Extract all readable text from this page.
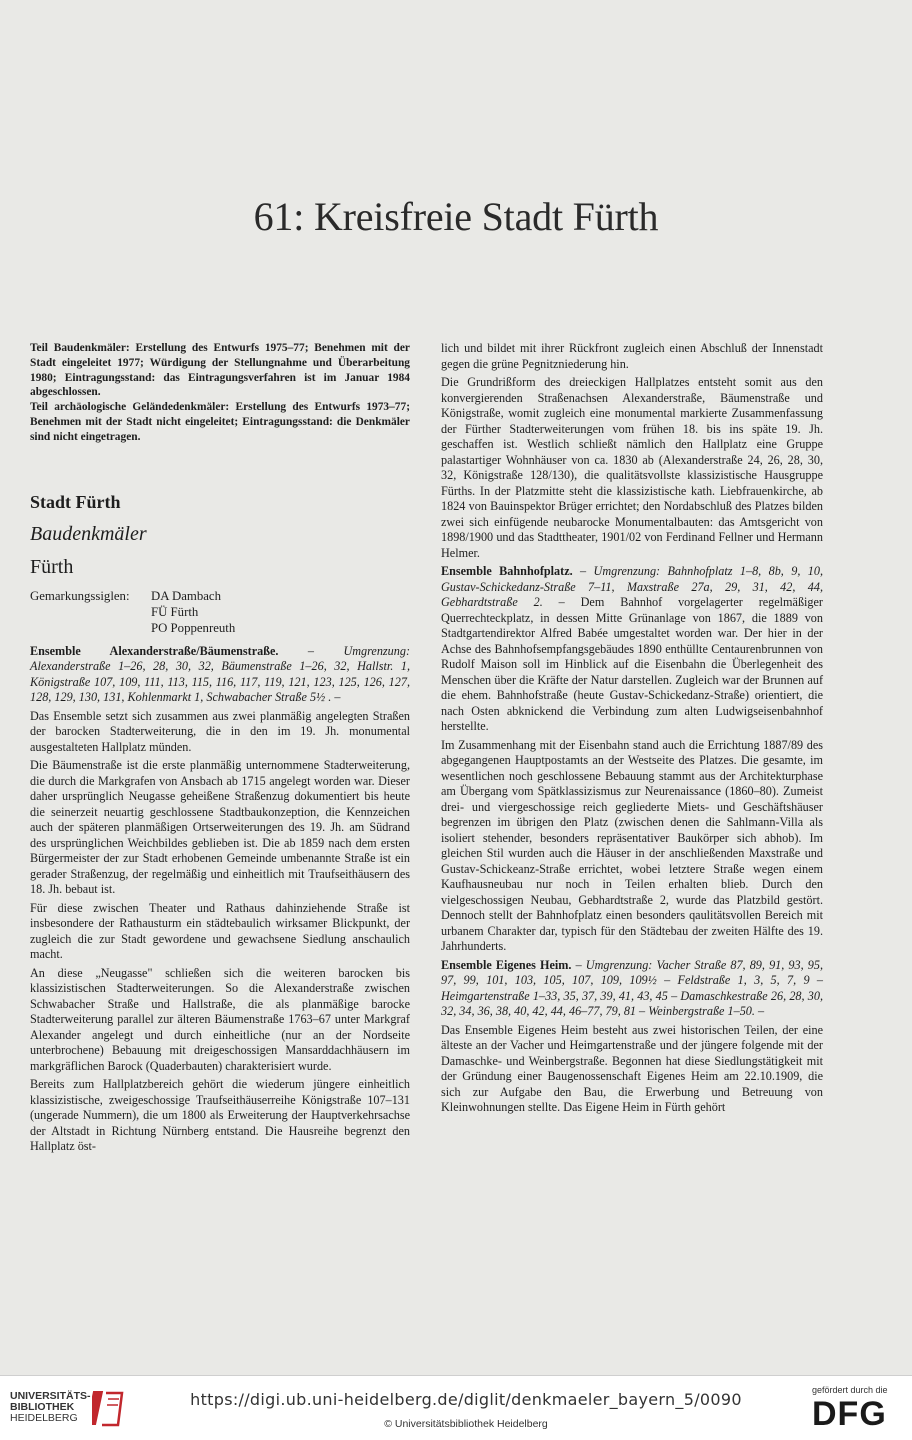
61: Kreisfreie Stadt Fürth

Teil Baudenkmäler: Erstellung des Entwurfs 1975–77; Benehmen mit der Stadt eingeleitet 1977; Würdigung der Stellungnahme und Überarbeitung 1980; Eintragungsstand: das Eintragungsverfahren ist im Januar 1984 abgeschlossen.

Teil archäologische Geländedenkmäler: Erstellung des Entwurfs 1973–77; Benehmen mit der Stadt nicht eingeleitet; Eintragungsstand: die Denkmäler sind nicht eingetragen.

Stadt Fürth
Baudenkmäler
Fürth
Gemarkungssiglen:	DA Dambach
FÜ Fürth
PO Poppenreuth

Ensemble Alexanderstraße/Bäumenstraße. – Umgrenzung: Alexanderstraße 1–26, 28, 30, 32, Bäumenstraße 1–26, 32, Hallstr. 1, Königstraße 107, 109, 111, 113, 115, 116, 117, 119, 121, 123, 125, 126, 127, 128, 129, 130, 131, Kohlenmarkt 1, Schwabacher Straße 5½ . –

Das Ensemble setzt sich zusammen aus zwei planmäßig angelegten Straßen der barocken Stadterweiterung, die in den im 19. Jh. monumental ausgestalteten Hallplatz münden.

Die Bäumenstraße ist die erste planmäßig unternommene Stadterweiterung, die durch die Markgrafen von Ansbach ab 1715 angelegt worden war. Dieser daher ursprünglich Neugasse geheißene Straßenzug dokumentiert bis heute die seinerzeit neuartig geschlossene Stadtbaukonzeption, die Kennzeichen auch der späteren planmäßigen Ortserweiterungen des 19. Jh. am Südrand des ursprünglichen Weichbildes geblieben ist. Die ab 1859 nach dem ersten Bürgermeister der zur Stadt erhobenen Gemeinde umbenannte Straße ist ein gerader Straßenzug, der regelmäßig und einheitlich mit Traufseithäusern des 18. Jh. bebaut ist.

Für diese zwischen Theater und Rathaus dahinziehende Straße ist insbesondere der Rathausturm ein städtebaulich wirksamer Blickpunkt, der zugleich die zur Stadt gewordene und gewachsene Siedlung anschaulich macht.

An diese „Neugasse" schließen sich die weiteren barocken bis klassizistischen Stadterweiterungen. So die Alexanderstraße zwischen Schwabacher Straße und Hallstraße, die als planmäßige barocke Stadterweiterung parallel zur älteren Bäumenstraße 1763–67 unter Markgraf Alexander angelegt und durch einheitliche (nur an der Nordseite unterbrochene) Bebauung mit dreigeschossigen Mansarddachhäusern im markgräflichen Barock (Quaderbauten) charakterisiert wurde.

Bereits zum Hallplatzbereich gehört die wiederum jüngere einheitlich klassizistische, zweigeschossige Traufseithäuserreihe Königstraße 107–131 (ungerade Nummern), die um 1800 als Erweiterung der Hauptverkehrsachse der Altstadt in Richtung Nürnberg entstand. Die Hausreihe begrenzt den Hallplatz öst-

lich und bildet mit ihrer Rückfront zugleich einen Abschluß der Innenstadt gegen die grüne Pegnitzniederung hin.

Die Grundrißform des dreieckigen Hallplatzes entsteht somit aus den konvergierenden Straßenachsen Alexanderstraße, Bäumenstraße und Königstraße, womit zugleich eine monumental markierte Zusammenfassung der Fürther Stadterweiterungen vom frühen 18. bis ins späte 19. Jh. geschaffen ist. Westlich schließt nämlich den Hallplatz eine Gruppe palastartiger Wohnhäuser von ca. 1830 ab (Alexanderstraße 24, 26, 28, 30, 32, Königstraße 128/130), die qualitätsvollste klassizistische Hausgruppe Fürths. In der Platzmitte steht die klassizistische kath. Liebfrauenkirche, ab 1824 von Bauinspektor Brüger errichtet; den Nordabschluß des Platzes bilden zwei sich einfügende neubarocke Monumentalbauten: das Amtsgericht von 1898/1900 und das Stadttheater, 1901/02 von Ferdinand Fellner und Hermann Helmer.

Ensemble Bahnhofplatz. – Umgrenzung: Bahnhofplatz 1–8, 8b, 9, 10, Gustav-Schickedanz-Straße 7–11, Maxstraße 27a, 29, 31, 42, 44, Gebhardtstraße 2. – Dem Bahnhof vorgelagerter regelmäßiger Querrechteckplatz, in dessen Mitte Grünanlage von 1867, die 1889 von Stadtgartendirektor Alfred Babée umgestaltet worden war. Der hier in der Achse des Bahnhofsempfangsgebäudes 1890 enthüllte Centaurenbrunnen von Rudolf Maison soll im Hinblick auf die Eisenbahn die Überlegenheit des Menschen über die Kräfte der Natur darstellen. Zugleich war der Brunnen auf die ehem. Bahnhofstraße (heute Gustav-Schickedanz-Straße) orientiert, die nach Osten abknickend die Verbindung zum alten Ludwigseisenbahnhof herstellte.

Im Zusammenhang mit der Eisenbahn stand auch die Errichtung 1887/89 des abgegangenen Hauptpostamts an der Westseite des Platzes. Die gesamte, im wesentlichen noch geschlossene Bebauung stammt aus der Architekturphase am Übergang vom Spätklassizismus zur Neurenaissance (1860–80). Zumeist drei- und viergeschossige reich gegliederte Miets- und Geschäftshäuser begrenzen im übrigen den Platz (zwischen denen die Sahlmann-Villa als isoliert stehender, besonders repräsentativer Baukörper sich abhob). Im gleichen Stil wurden auch die Häuser in der anschließenden Maxstraße und Gustav-Schickeanz-Straße errichtet, wobei letztere Straße wegen einem Kaufhausneubau nur noch in Teilen erhalten blieb. Durch den vielgeschossigen Neubau, Gebhardtstraße 2, wurde das Platzbild gestört. Dennoch stellt der Bahnhofplatz einen besonders qaulitätsvollen Bereich mit urbanem Charakter dar, typisch für den Städtebau der zweiten Hälfte des 19. Jahrhunderts.

Ensemble Eigenes Heim. – Umgrenzung: Vacher Straße 87, 89, 91, 93, 95, 97, 99, 101, 103, 105, 107, 109, 109½ – Feldstraße 1, 3, 5, 7, 9 – Heimgartenstraße 1–33, 35, 37, 39, 41, 43, 45 – Damaschkestraße 26, 28, 30, 32, 34, 36, 38, 40, 42, 44, 46–77, 79, 81 – Weinbergstraße 1–50. –

Das Ensemble Eigenes Heim besteht aus zwei historischen Teilen, der eine älteste an der Vacher und Heimgartenstraße und der jüngere folgende mit der Damaschke- und Weinbergstraße. Begonnen hat diese Siedlungstätigkeit mit der Gründung einer Baugenossenschaft Eigenes Heim am 22.10.1909, die sich zur Aufgabe den Bau, die Erwerbung und Betreuung von Kleinwohnungen stellte. Das Eigene Heim in Fürth gehört

UNIVERSITÄTS-
BIBLIOTHEK
HEIDELBERG
https://digi.ub.uni-heidelberg.de/diglit/denkmaeler_bayern_5/0090
© Universitätsbibliothek Heidelberg
gefördert durch die
DFG
